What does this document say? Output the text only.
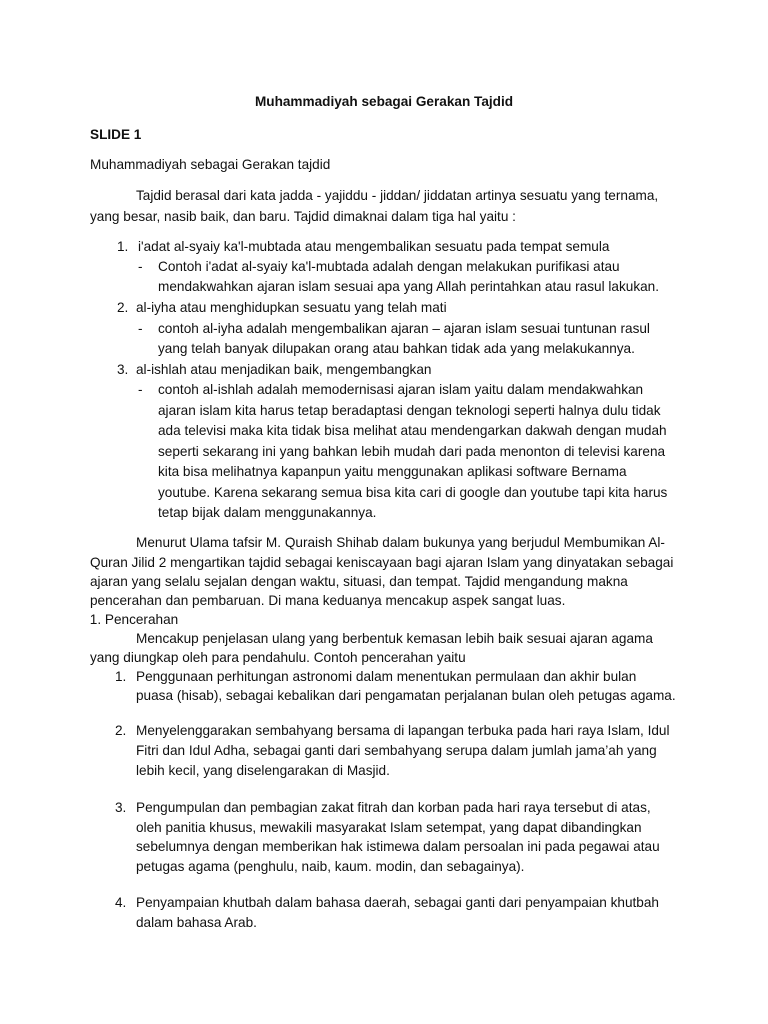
Muhammadiyah sebagai Gerakan Tajdid
SLIDE 1
Muhammadiyah sebagai Gerakan tajdid
Tajdid berasal dari kata jadda - yajiddu - jiddan/ jiddatan artinya sesuatu yang ternama,
yang besar, nasib baik, dan baru. Tajdid dimaknai dalam tiga hal yaitu :
1. i'adat al-syaiy ka'l-mubtada atau mengembalikan sesuatu pada tempat semula
- Contoh i'adat al-syaiy ka'l-mubtada adalah dengan melakukan purifikasi atau
mendakwahkan ajaran islam sesuai apa yang Allah perintahkan atau rasul lakukan.
2. al-iyha atau menghidupkan sesuatu yang telah mati
- contoh al-iyha adalah mengembalikan ajaran – ajaran islam sesuai tuntunan rasul
yang telah banyak dilupakan orang atau bahkan tidak ada yang melakukannya.
3. al-ishlah atau menjadikan baik, mengembangkan
- contoh al-ishlah adalah memodernisasi ajaran islam yaitu dalam mendakwahkan
ajaran islam kita harus tetap beradaptasi dengan teknologi seperti halnya dulu tidak
ada televisi maka kita tidak bisa melihat atau mendengarkan dakwah dengan mudah
seperti sekarang ini yang bahkan lebih mudah dari pada menonton di televisi karena
kita bisa melihatnya kapanpun yaitu menggunakan aplikasi software Bernama
youtube. Karena sekarang semua bisa kita cari di google dan youtube tapi kita harus
tetap bijak dalam menggunakannya.
Menurut Ulama tafsir M. Quraish Shihab dalam bukunya yang berjudul Membumikan Al-
Quran Jilid 2 mengartikan tajdid sebagai keniscayaan bagi ajaran Islam yang dinyatakan sebagai
ajaran yang selalu sejalan dengan waktu, situasi, dan tempat. Tajdid mengandung makna
pencerahan dan pembaruan. Di mana keduanya mencakup aspek sangat luas.
1. Pencerahan
Mencakup penjelasan ulang yang berbentuk kemasan lebih baik sesuai ajaran agama
yang diungkap oleh para pendahulu. Contoh pencerahan yaitu
1. Penggunaan perhitungan astronomi dalam menentukan permulaan dan akhir bulan
puasa (hisab), sebagai kebalikan dari pengamatan perjalanan bulan oleh petugas agama.
2. Menyelenggarakan sembahyang bersama di lapangan terbuka pada hari raya Islam, Idul
Fitri dan Idul Adha, sebagai ganti dari sembahyang serupa dalam jumlah jama’ah yang
lebih kecil, yang diselengarakan di Masjid.
3. Pengumpulan dan pembagian zakat fitrah dan korban pada hari raya tersebut di atas,
oleh panitia khusus, mewakili masyarakat Islam setempat, yang dapat dibandingkan
sebelumnya dengan memberikan hak istimewa dalam persoalan ini pada pegawai atau
petugas agama (penghulu, naib, kaum. modin, dan sebagainya).
4. Penyampaian khutbah dalam bahasa daerah, sebagai ganti dari penyampaian khutbah
dalam bahasa Arab.
